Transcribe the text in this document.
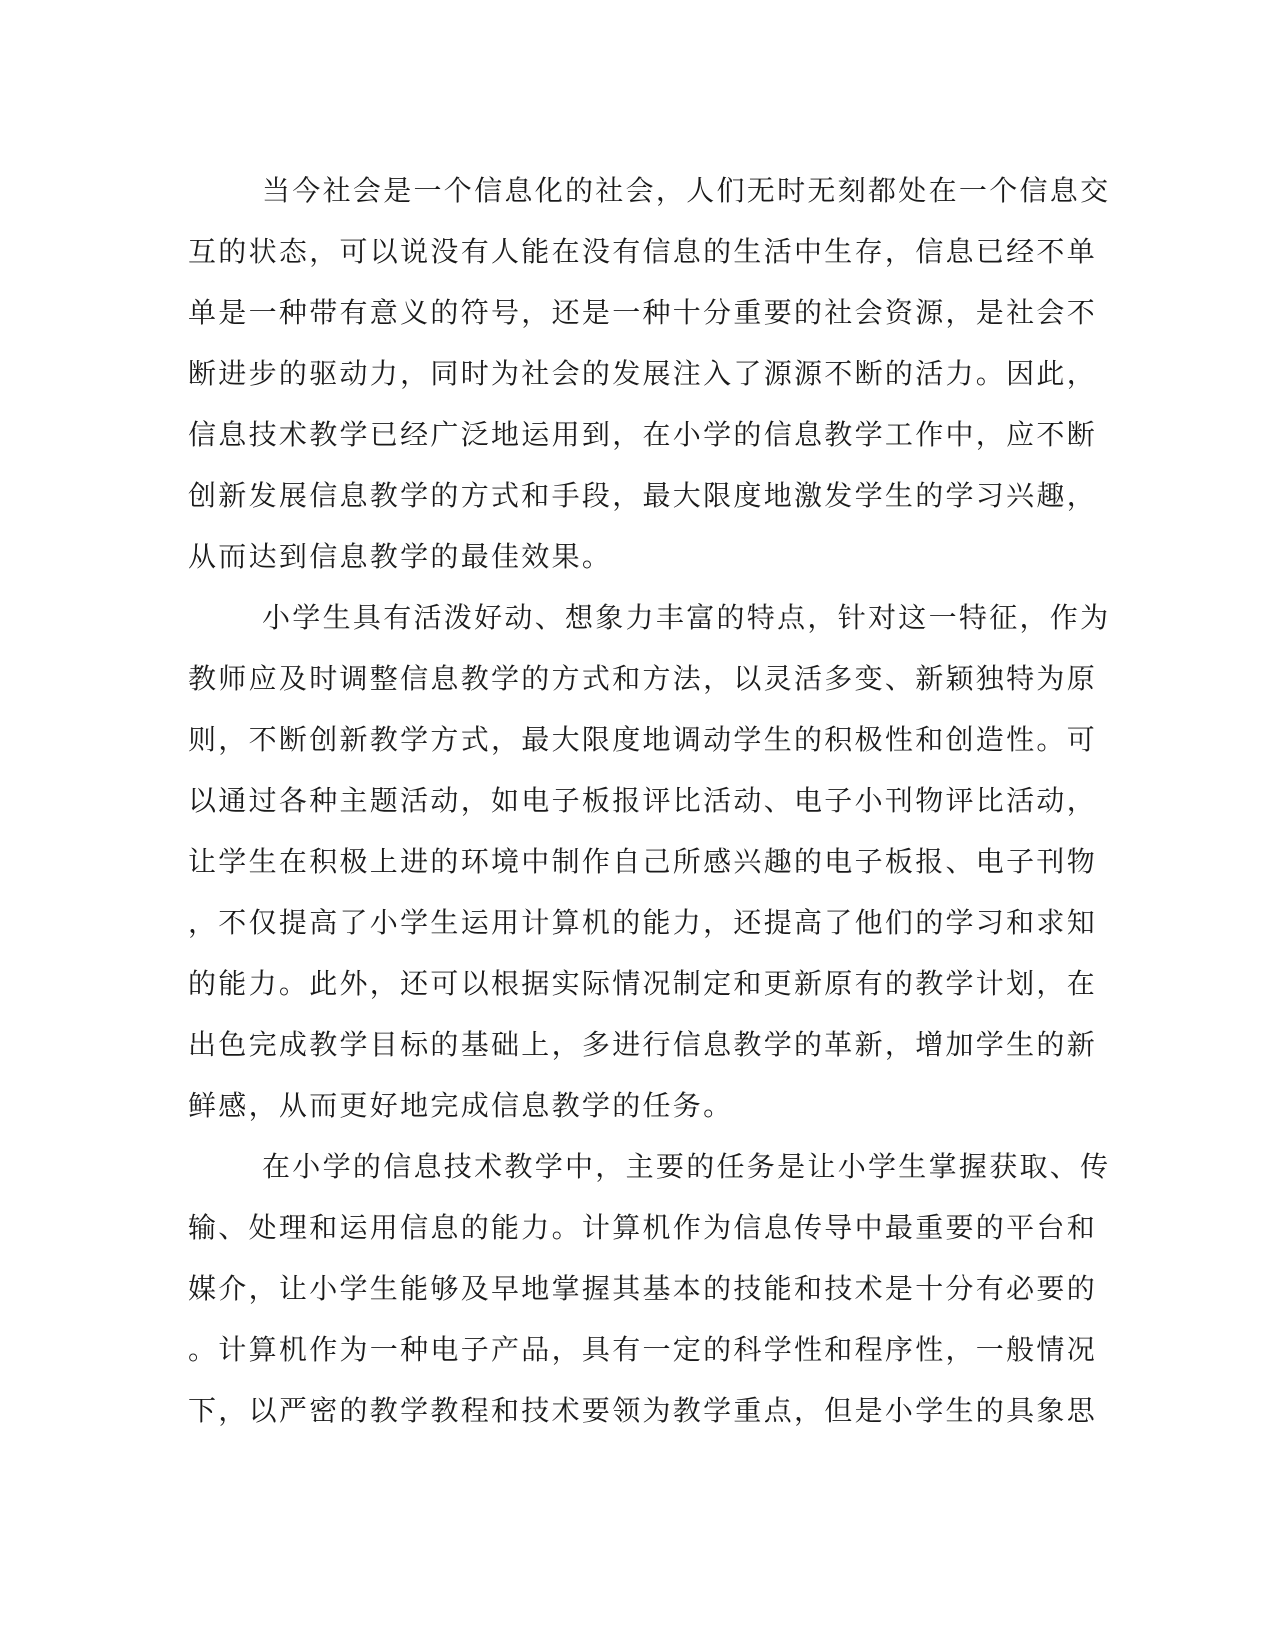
当今社会是一个信息化的社会，人们无时无刻都处在一个信息交
互的状态，可以说没有人能在没有信息的生活中生存，信息已经不单
单是一种带有意义的符号，还是一种十分重要的社会资源，是社会不
断进步的驱动力，同时为社会的发展注入了源源不断的活力。因此，
信息技术教学已经广泛地运用到，在小学的信息教学工作中，应不断
创新发展信息教学的方式和手段，最大限度地激发学生的学习兴趣，
从而达到信息教学的最佳效果。
小学生具有活泼好动、想象力丰富的特点，针对这一特征，作为
教师应及时调整信息教学的方式和方法，以灵活多变、新颖独特为原
则，不断创新教学方式，最大限度地调动学生的积极性和创造性。可
以通过各种主题活动，如电子板报评比活动、电子小刊物评比活动，
让学生在积极上进的环境中制作自己所感兴趣的电子板报、电子刊物
，不仅提高了小学生运用计算机的能力，还提高了他们的学习和求知
的能力。此外，还可以根据实际情况制定和更新原有的教学计划，在
出色完成教学目标的基础上，多进行信息教学的革新，增加学生的新
鲜感，从而更好地完成信息教学的任务。
在小学的信息技术教学中，主要的任务是让小学生掌握获取、传
输、处理和运用信息的能力。计算机作为信息传导中最重要的平台和
媒介，让小学生能够及早地掌握其基本的技能和技术是十分有必要的
。计算机作为一种电子产品，具有一定的科学性和程序性，一般情况
下，以严密的教学教程和技术要领为教学重点，但是小学生的具象思
